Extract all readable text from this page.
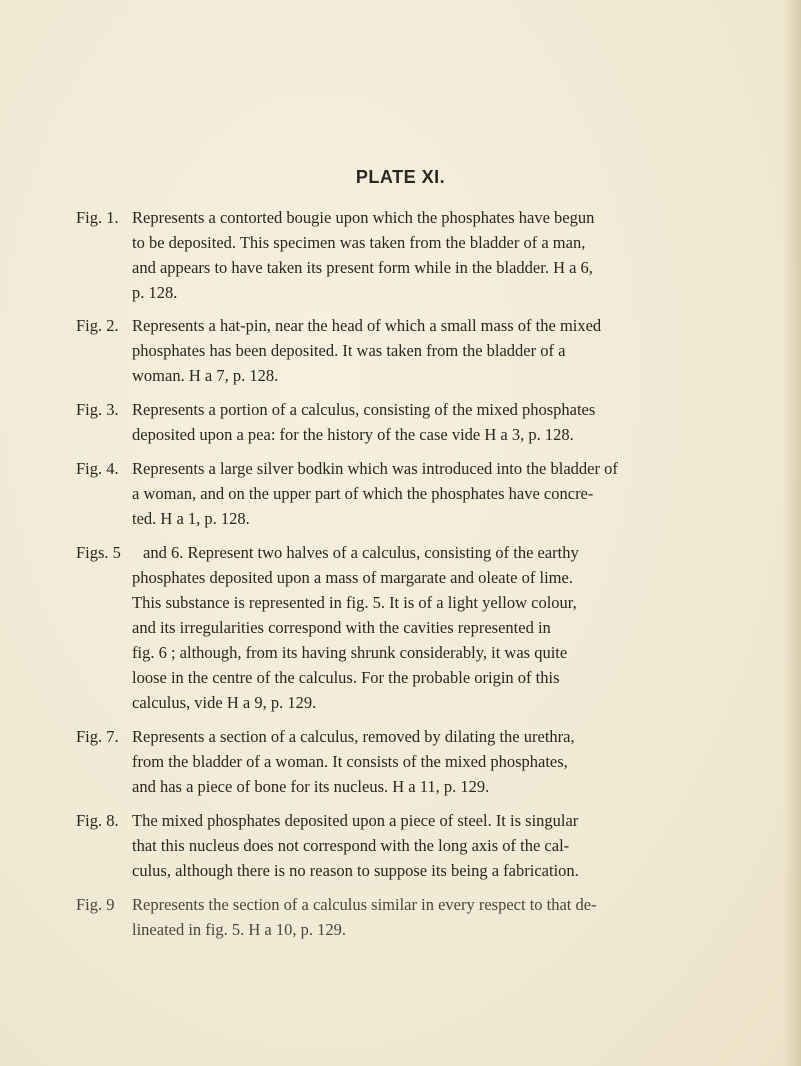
PLATE XI.
Fig. 1. Represents a contorted bougie upon which the phosphates have begun
to be deposited. This specimen was taken from the bladder of a man,
and appears to have taken its present form while in the bladder. H a 6,
p. 128.
Fig. 2. Represents a hat-pin, near the head of which a small mass of the mixed
phosphates has been deposited. It was taken from the bladder of a
woman. H a 7, p. 128.
Fig. 3. Represents a portion of a calculus, consisting of the mixed phosphates
deposited upon a pea: for the history of the case vide H a 3, p. 128.
Fig. 4. Represents a large silver bodkin which was introduced into the bladder of
a woman, and on the upper part of which the phosphates have concre-
ted. H a 1, p. 128.
Figs. 5 and 6. Represent two halves of a calculus, consisting of the earthy
phosphates deposited upon a mass of margarate and oleate of lime.
This substance is represented in fig. 5. It is of a light yellow colour,
and its irregularities correspond with the cavities represented in
fig. 6 ; although, from its having shrunk considerably, it was quite
loose in the centre of the calculus. For the probable origin of this
calculus, vide H a 9, p. 129.
Fig. 7. Represents a section of a calculus, removed by dilating the urethra,
from the bladder of a woman. It consists of the mixed phosphates,
and has a piece of bone for its nucleus. H a 11, p. 129.
Fig. 8. The mixed phosphates deposited upon a piece of steel. It is singular
that this nucleus does not correspond with the long axis of the cal-
culus, although there is no reason to suppose its being a fabrication.
Fig. 9 Represents the section of a calculus similar in every respect to that de-
lineated in fig. 5. H a 10, p. 129.
